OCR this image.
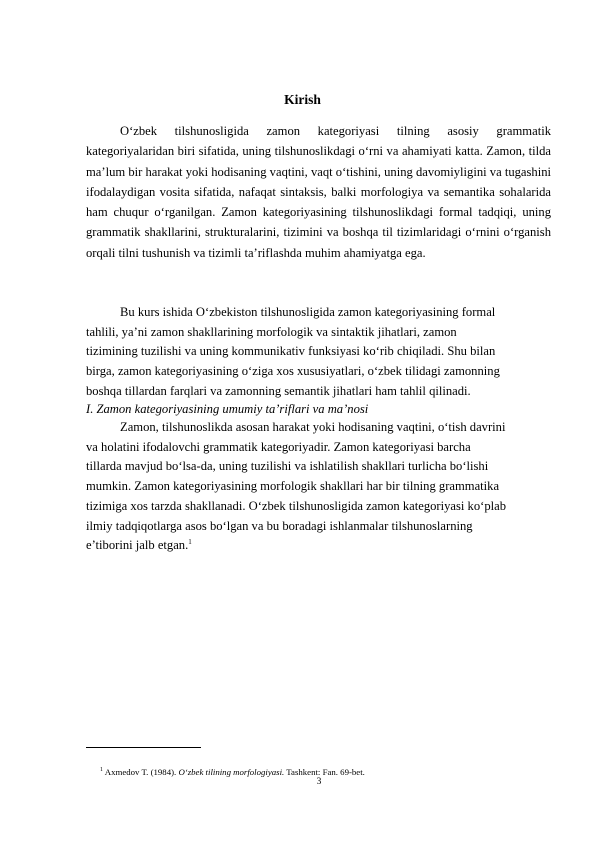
Kirish

O‘zbek tilshunosligida zamon kategoriyasi tilning asosiy grammatik kategoriyalaridan biri sifatida, uning tilshunoslikdagi o‘rni va ahamiyati katta. Zamon, tilda ma’lum bir harakat yoki hodisaning vaqtini, vaqt o‘tishini, uning davomiyligini va tugashini ifodalaydigan vosita sifatida, nafaqat sintaksis, balki morfologiya va semantika sohalarida ham chuqur o‘rganilgan. Zamon kategoriyasining tilshunoslikdagi formal tadqiqi, uning grammatik shakllarini, strukturalarini, tizimini va boshqa til tizimlaridagi o‘rnini o‘rganish orqali tilni tushunish va tizimli ta’riflashda muhim ahamiyatga ega.

Bu kurs ishida O‘zbekiston tilshunosligida zamon kategoriyasining formal
tahlili, ya’ni zamon shakllarining morfologik va sintaktik jihatlari, zamon
tizimining tuzilishi va uning kommunikativ funksiyasi ko‘rib chiqiladi. Shu bilan
birga, zamon kategoriyasining o‘ziga xos xususiyatlari, o‘zbek tilidagi zamonning
boshqa tillardan farqlari va zamonning semantik jihatlari ham tahlil qilinadi.

I. Zamon kategoriyasining umumiy ta’riflari va ma’nosi

Zamon, tilshunoslikda asosan harakat yoki hodisaning vaqtini, o‘tish davrini
va holatini ifodalovchi grammatik kategoriyadir. Zamon kategoriyasi barcha
tillarda mavjud bo‘lsa-da, uning tuzilishi va ishlatilish shakllari turlicha bo‘lishi
mumkin. Zamon kategoriyasining morfologik shakllari har bir tilning grammatika
tizimiga xos tarzda shakllanadi. O‘zbek tilshunosligida zamon kategoriyasi ko‘plab
ilmiy tadqiqotlarga asos bo‘lgan va bu boradagi ishlanmalar tilshunoslarning
e’tiborini jalb etgan.$^1$

$^1$ Axmedov T. (1984). O‘zbek tilining morfologiyasi. Tashkent: Fan. 69-bet.

3
